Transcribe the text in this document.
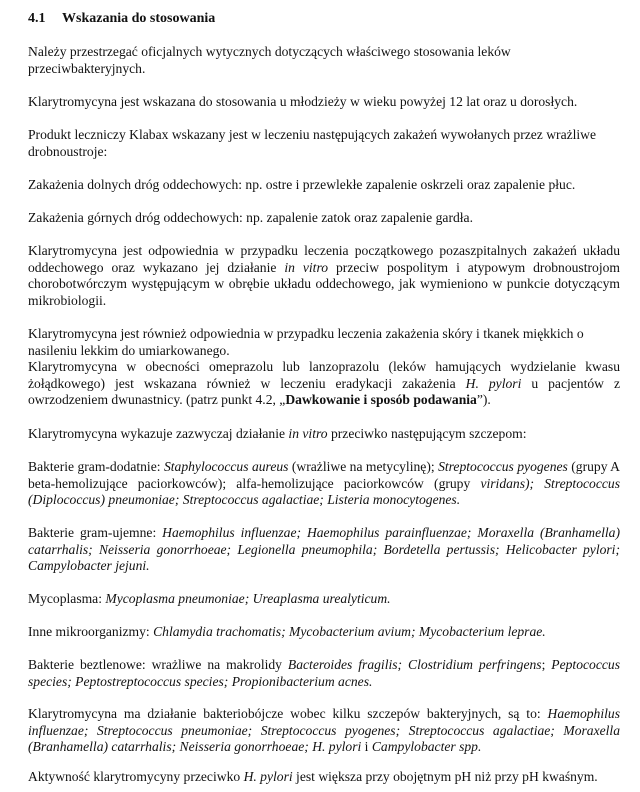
4.1 Wskazania do stosowania

Należy przestrzegać oficjalnych wytycznych dotyczących właściwego stosowania leków przeciwbakteryjnych.

Klarytromycyna jest wskazana do stosowania u młodzieży w wieku powyżej 12 lat oraz u dorosłych.

Produkt leczniczy Klabax wskazany jest w leczeniu następujących zakażeń wywołanych przez wrażliwe drobnoustroje:

Zakażenia dolnych dróg oddechowych: np. ostre i przewlekłe zapalenie oskrzeli oraz zapalenie płuc.

Zakażenia górnych dróg oddechowych: np. zapalenie zatok oraz zapalenie gardła.

Klarytromycyna jest odpowiednia w przypadku leczenia początkowego pozaszpitalnych zakażeń układu oddechowego oraz wykazano jej działanie in vitro przeciw pospolitym i atypowym drobnoustrojom chorobotwórczym występującym w obrębie układu oddechowego, jak wymieniono w punkcie dotyczącym mikrobiologii.

Klarytromycyna jest również odpowiednia w przypadku leczenia zakażenia skóry i tkanek miękkich o nasileniu lekkim do umiarkowanego.

Klarytromycyna w obecności omeprazolu lub lanzoprazolu (leków hamujących wydzielanie kwasu żołądkowego) jest wskazana również w leczeniu eradykacji zakażenia H. pylori u pacjentów z owrzodzeniem dwunastnicy. (patrz punkt 4.2, „Dawkowanie i sposób podawania”).

Klarytromycyna wykazuje zazwyczaj działanie in vitro przeciwko następującym szczepom:

Bakterie gram-dodatnie: Staphylococcus aureus (wrażliwe na metycylinę); Streptococcus pyogenes (grupy A beta-hemolizujące paciorkowców); alfa-hemolizujące paciorkowców (grupy viridans); Streptococcus (Diplococcus) pneumoniae; Streptococcus agalactiae; Listeria monocytogenes.

Bakterie gram-ujemne: Haemophilus influenzae; Haemophilus parainfluenzae; Moraxella (Branhamella) catarrhalis; Neisseria gonorrhoeae; Legionella pneumophila; Bordetella pertussis; Helicobacter pylori; Campylobacter jejuni.

Mycoplasma: Mycoplasma pneumoniae; Ureaplasma urealyticum.

Inne mikroorganizmy: Chlamydia trachomatis; Mycobacterium avium; Mycobacterium leprae.

Bakterie beztlenowe: wrażliwe na makrolidy Bacteroides fragilis; Clostridium perfringens; Peptococcus species; Peptostreptococcus species; Propionibacterium acnes.

Klarytromycyna ma działanie bakteriobójcze wobec kilku szczepów bakteryjnych, są to: Haemophilus influenzae; Streptococcus pneumoniae; Streptococcus pyogenes; Streptococcus agalactiae; Moraxella (Branhamella) catarrhalis; Neisseria gonorrhoeae; H. pylori i Campylobacter spp.

Aktywność klarytromycyny przeciwko H. pylori jest większa przy obojętnym pH niż przy pH kwaśnym.
